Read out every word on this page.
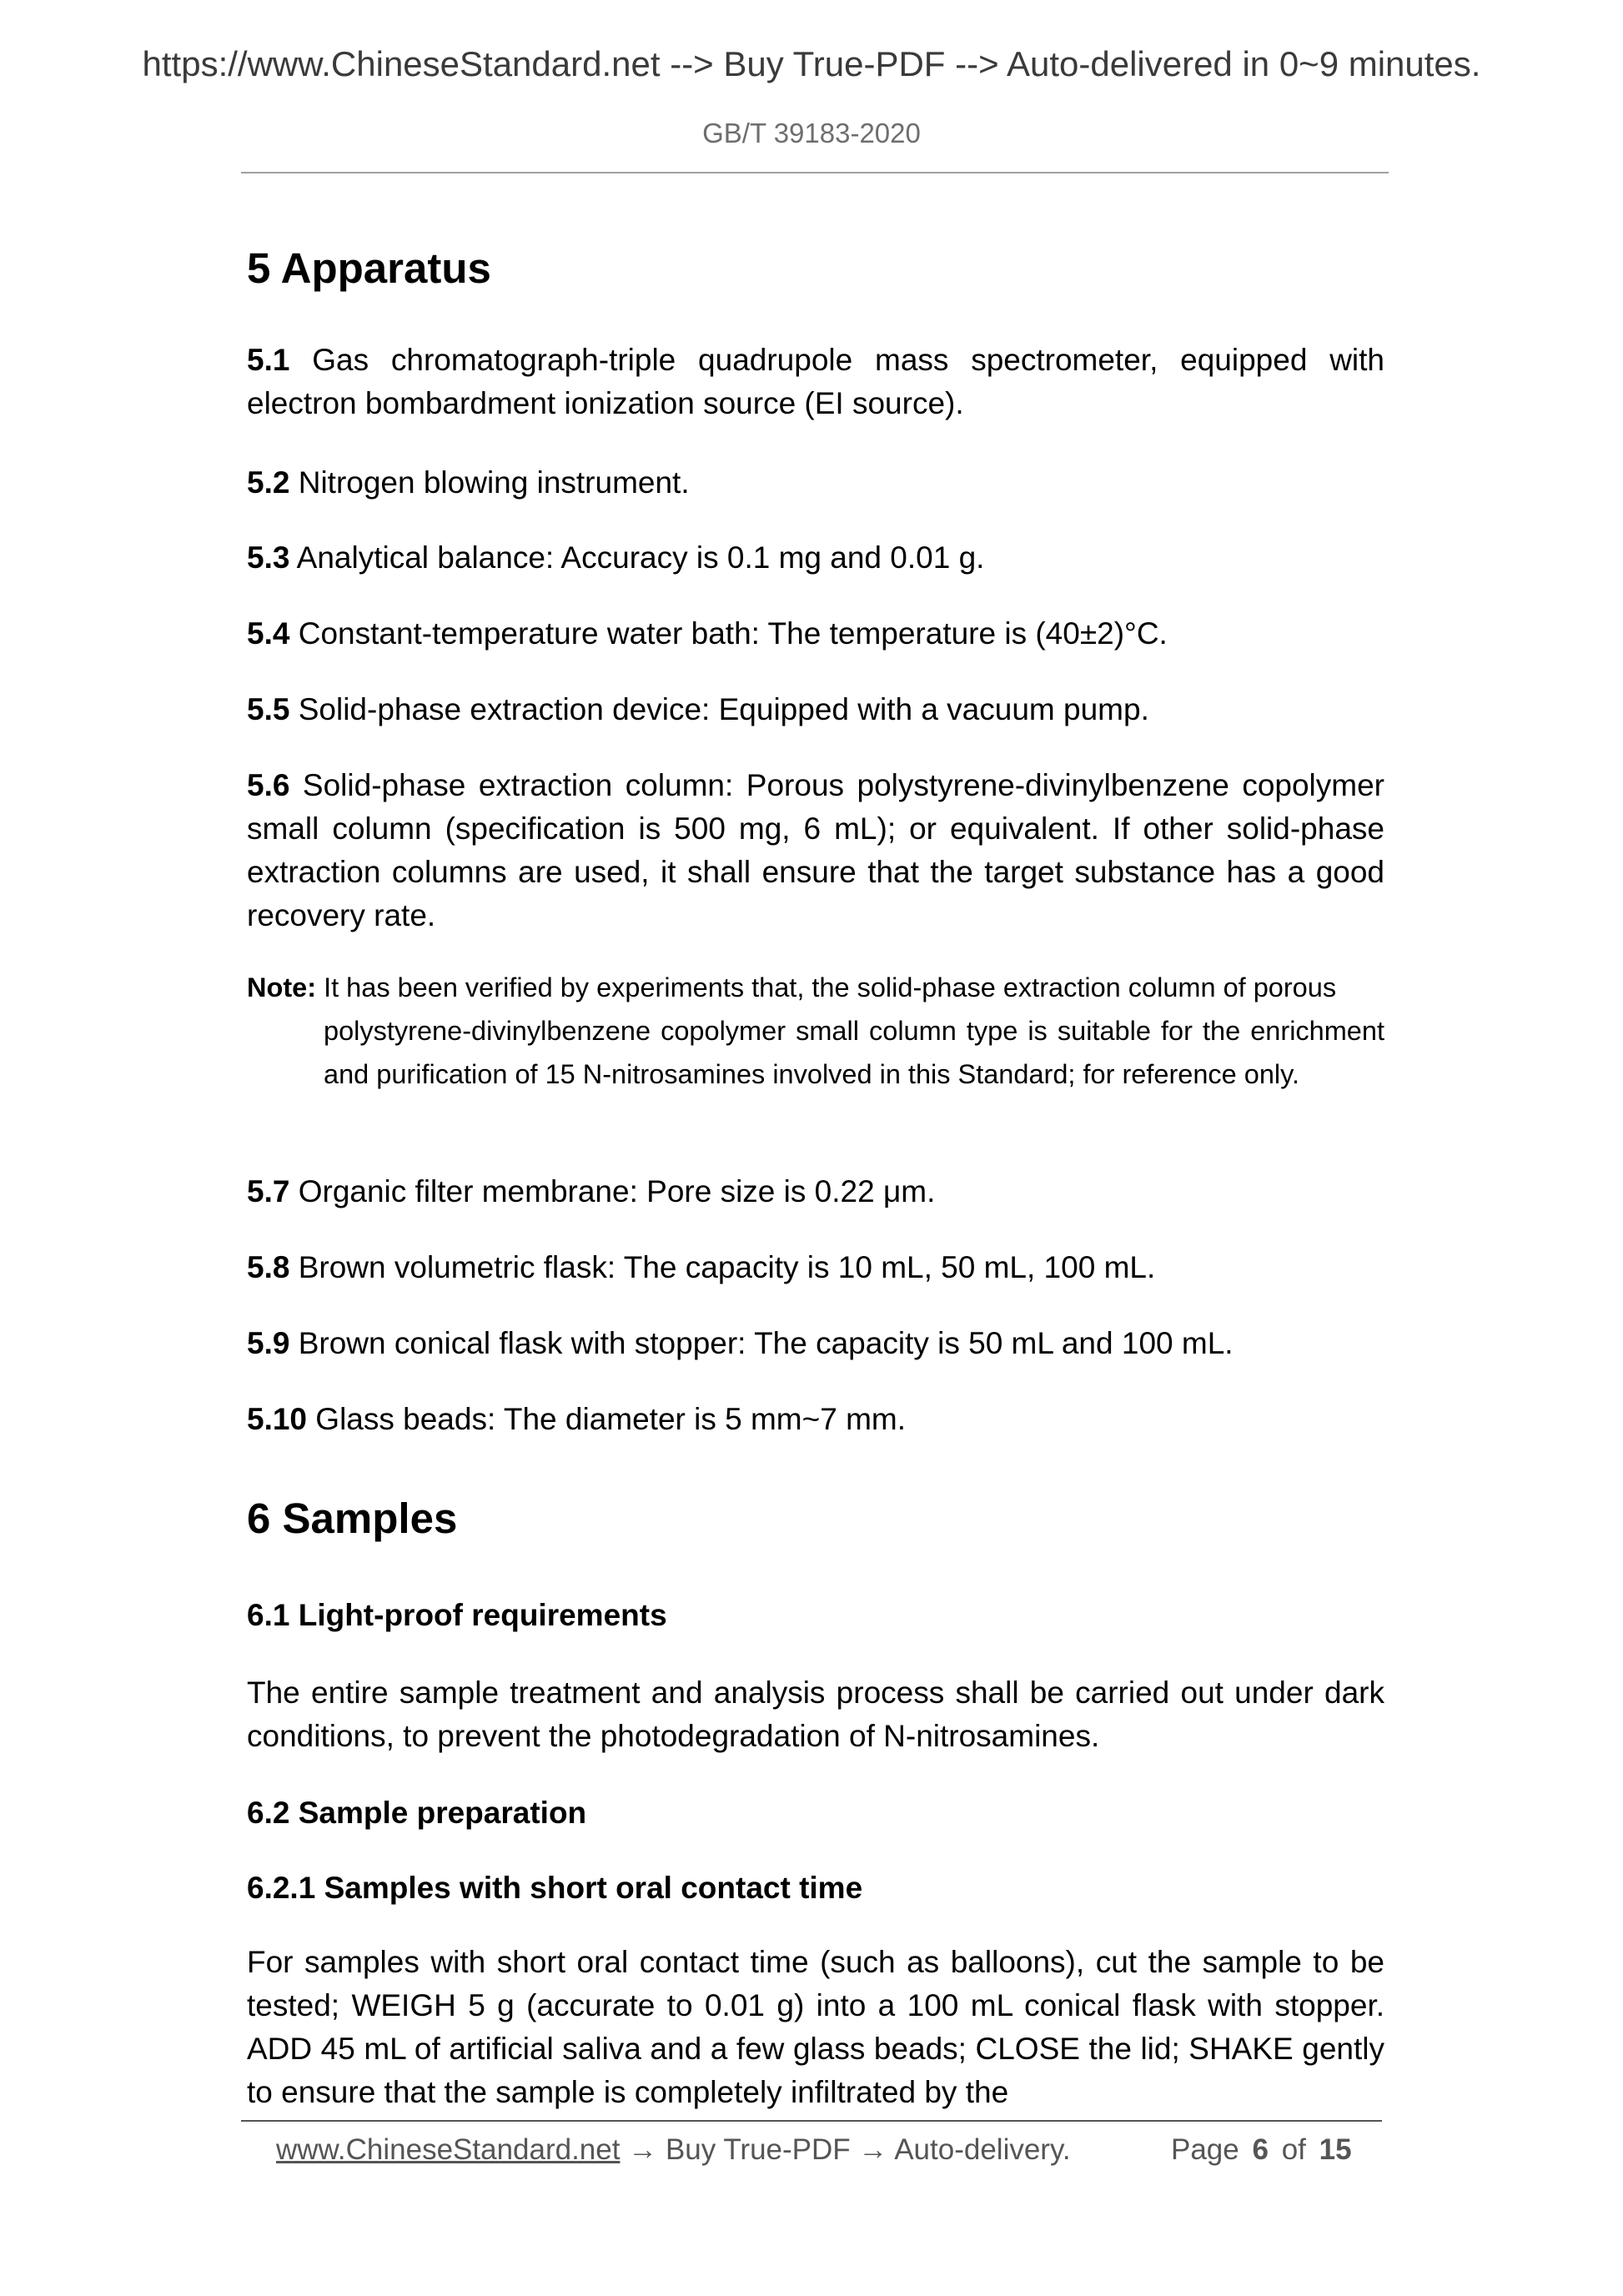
https://www.ChineseStandard.net --> Buy True-PDF --> Auto-delivered in 0~9 minutes.
GB/T 39183-2020
5 Apparatus
5.1 Gas chromatograph-triple quadrupole mass spectrometer, equipped with electron bombardment ionization source (EI source).
5.2 Nitrogen blowing instrument.
5.3 Analytical balance: Accuracy is 0.1 mg and 0.01 g.
5.4 Constant-temperature water bath: The temperature is (40±2)°C.
5.5 Solid-phase extraction device: Equipped with a vacuum pump.
5.6 Solid-phase extraction column: Porous polystyrene-divinylbenzene copolymer small column (specification is 500 mg, 6 mL); or equivalent. If other solid-phase extraction columns are used, it shall ensure that the target substance has a good recovery rate.
Note: It has been verified by experiments that, the solid-phase extraction column of porous
polystyrene-divinylbenzene copolymer small column type is suitable for the enrichment and purification of 15 N-nitrosamines involved in this Standard; for reference only.
5.7 Organic filter membrane: Pore size is 0.22 μm.
5.8 Brown volumetric flask: The capacity is 10 mL, 50 mL, 100 mL.
5.9 Brown conical flask with stopper: The capacity is 50 mL and 100 mL.
5.10 Glass beads: The diameter is 5 mm~7 mm.
6 Samples
6.1 Light-proof requirements
The entire sample treatment and analysis process shall be carried out under dark conditions, to prevent the photodegradation of N-nitrosamines.
6.2 Sample preparation
6.2.1 Samples with short oral contact time
For samples with short oral contact time (such as balloons), cut the sample to be tested; WEIGH 5 g (accurate to 0.01 g) into a 100 mL conical flask with stopper. ADD 45 mL of artificial saliva and a few glass beads; CLOSE the lid; SHAKE gently to ensure that the sample is completely infiltrated by the
www.ChineseStandard.net → Buy True-PDF → Auto-delivery.	Page 6 of 15
